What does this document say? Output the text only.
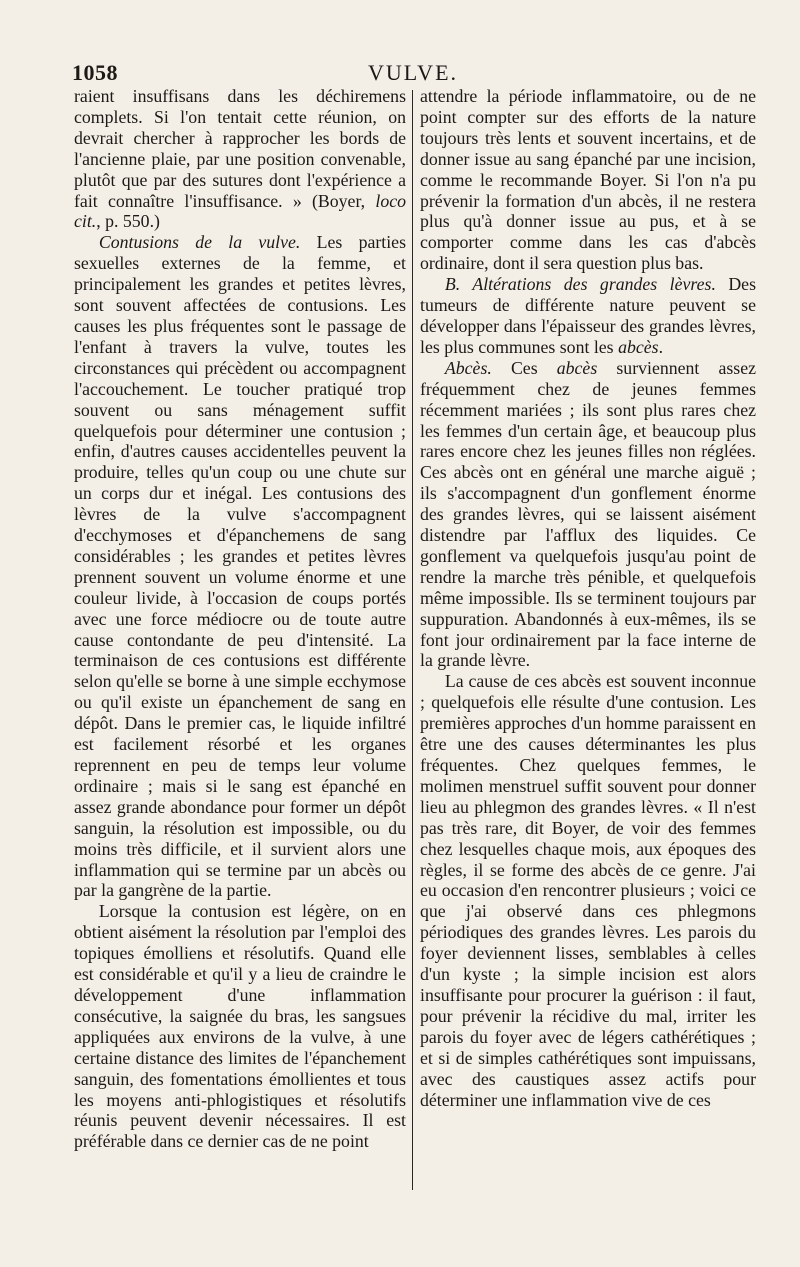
1058	VULVE.

raient insuffisans dans les déchiremens complets. Si l'on tentait cette réunion, on devrait chercher à rapprocher les bords de l'ancienne plaie, par une position convenable, plutôt que par des sutures dont l'expérience a fait connaître l'insuffisance. » (Boyer, loco cit., p. 550.)

Contusions de la vulve. Les parties sexuelles externes de la femme, et principalement les grandes et petites lèvres, sont souvent affectées de contusions. Les causes les plus fréquentes sont le passage de l'enfant à travers la vulve, toutes les circonstances qui précèdent ou accompagnent l'accouchement. Le toucher pratiqué trop souvent ou sans ménagement suffit quelquefois pour déterminer une contusion ; enfin, d'autres causes accidentelles peuvent la produire, telles qu'un coup ou une chute sur un corps dur et inégal. Les contusions des lèvres de la vulve s'accompagnent d'ecchymoses et d'épanchemens de sang considérables ; les grandes et petites lèvres prennent souvent un volume énorme et une couleur livide, à l'occasion de coups portés avec une force médiocre ou de toute autre cause contondante de peu d'intensité. La terminaison de ces contusions est différente selon qu'elle se borne à une simple ecchymose ou qu'il existe un épanchement de sang en dépôt. Dans le premier cas, le liquide infiltré est facilement résorbé et les organes reprennent en peu de temps leur volume ordinaire ; mais si le sang est épanché en assez grande abondance pour former un dépôt sanguin, la résolution est impossible, ou du moins très difficile, et il survient alors une inflammation qui se termine par un abcès ou par la gangrène de la partie.

Lorsque la contusion est légère, on en obtient aisément la résolution par l'emploi des topiques émolliens et résolutifs. Quand elle est considérable et qu'il y a lieu de craindre le développement d'une inflammation consécutive, la saignée du bras, les sangsues appliquées aux environs de la vulve, à une certaine distance des limites de l'épanchement sanguin, des fomentations émollientes et tous les moyens anti-phlogistiques et résolutifs réunis peuvent devenir nécessaires. Il est préférable dans ce dernier cas de ne point

attendre la période inflammatoire, ou de ne point compter sur des efforts de la nature toujours très lents et souvent incertains, et de donner issue au sang épanché par une incision, comme le recommande Boyer. Si l'on n'a pu prévenir la formation d'un abcès, il ne restera plus qu'à donner issue au pus, et à se comporter comme dans les cas d'abcès ordinaire, dont il sera question plus bas.

B. Altérations des grandes lèvres. Des tumeurs de différente nature peuvent se développer dans l'épaisseur des grandes lèvres, les plus communes sont les abcès.

Abcès. Ces abcès surviennent assez fréquemment chez de jeunes femmes récemment mariées ; ils sont plus rares chez les femmes d'un certain âge, et beaucoup plus rares encore chez les jeunes filles non réglées. Ces abcès ont en général une marche aiguë ; ils s'accompagnent d'un gonflement énorme des grandes lèvres, qui se laissent aisément distendre par l'afflux des liquides. Ce gonflement va quelquefois jusqu'au point de rendre la marche très pénible, et quelquefois même impossible. Ils se terminent toujours par suppuration. Abandonnés à eux-mêmes, ils se font jour ordinairement par la face interne de la grande lèvre.

La cause de ces abcès est souvent inconnue ; quelquefois elle résulte d'une contusion. Les premières approches d'un homme paraissent en être une des causes déterminantes les plus fréquentes. Chez quelques femmes, le molimen menstruel suffit souvent pour donner lieu au phlegmon des grandes lèvres. « Il n'est pas très rare, dit Boyer, de voir des femmes chez lesquelles chaque mois, aux époques des règles, il se forme des abcès de ce genre. J'ai eu occasion d'en rencontrer plusieurs ; voici ce que j'ai observé dans ces phlegmons périodiques des grandes lèvres. Les parois du foyer deviennent lisses, semblables à celles d'un kyste ; la simple incision est alors insuffisante pour procurer la guérison : il faut, pour prévenir la récidive du mal, irriter les parois du foyer avec de légers cathérétiques ; et si de simples cathérétiques sont impuissans, avec des caustiques assez actifs pour déterminer une inflammation vive de ces
